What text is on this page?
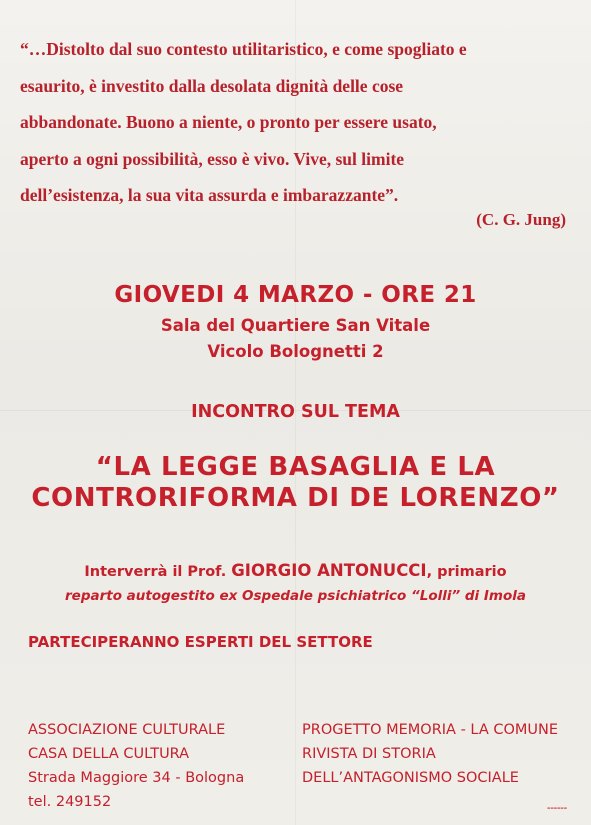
“…Distolto dal suo contesto utilitaristico, e come spogliato e
esaurito, è investito dalla desolata dignità delle cose
abbandonate. Buono a niente, o pronto per essere usato,
aperto a ogni possibilità, esso è vivo. Vive, sul limite
dell’esistenza, la sua vita assurda e imbarazzante”.
(C. G. Jung)
GIOVEDI 4 MARZO - ORE 21
Sala del Quartiere San Vitale
Vicolo Bolognetti 2
INCONTRO SUL TEMA
“LA LEGGE BASAGLIA E LA
CONTRORIFORMA DI DE LORENZO”
Interverrà il Prof. GIORGIO ANTONUCCI, primario
reparto autogestito ex Ospedale psichiatrico “Lolli” di Imola
PARTECIPERANNO ESPERTI DEL SETTORE
ASSOCIAZIONE CULTURALE
CASA DELLA CULTURA
Strada Maggiore 34 - Bologna
tel. 249152
PROGETTO MEMORIA - LA COMUNE
RIVISTA DI STORIA
DELL’ANTAGONISMO SOCIALE
▬▬▬▬▬▬
